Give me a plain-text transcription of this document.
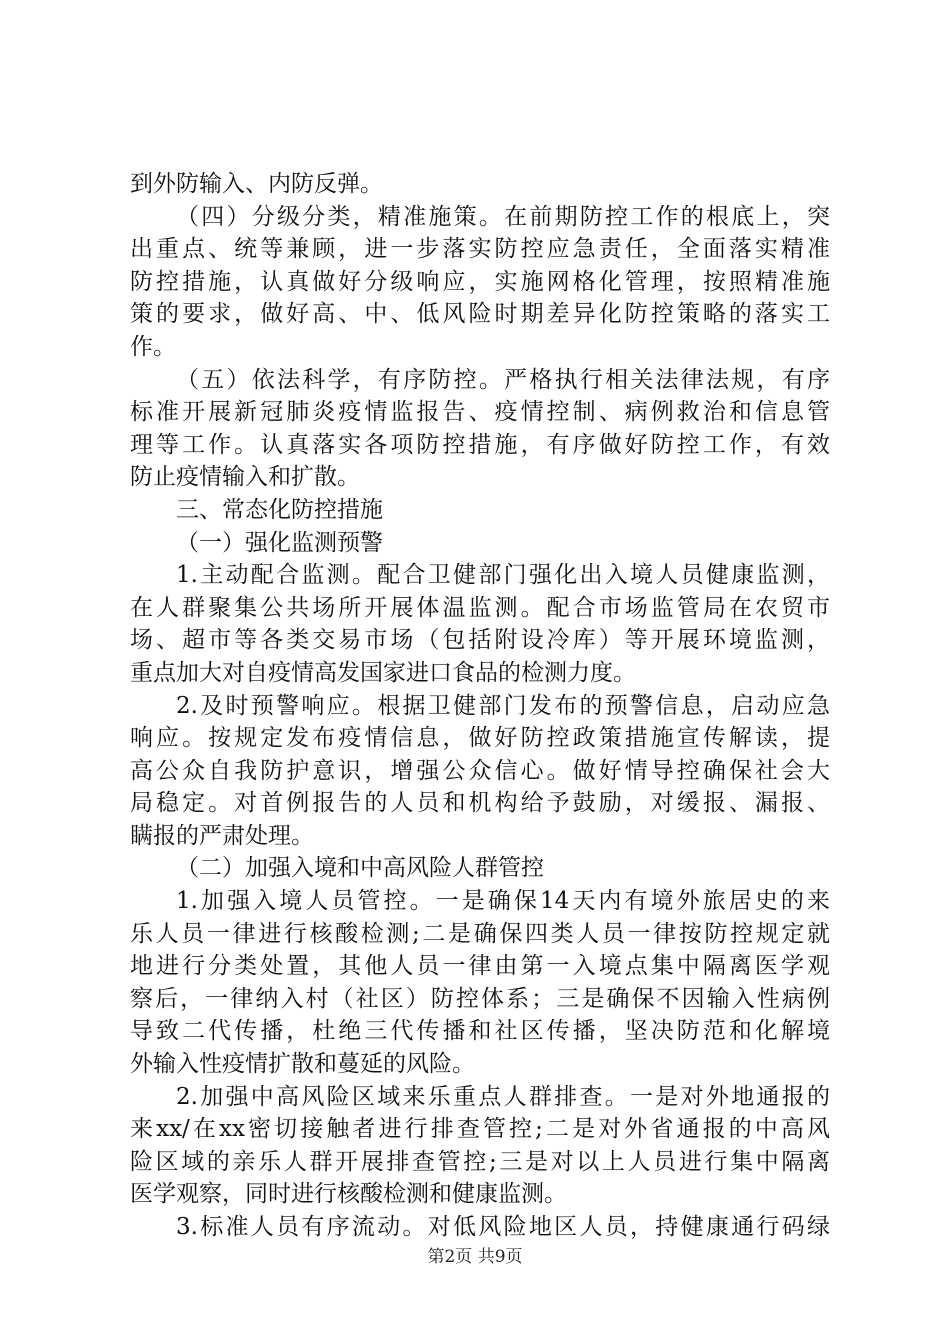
到外防输入、内防反弹。
（四）分级分类，精准施策。在前期防控工作的根底上，突
出重点、统等兼顾，进一步落实防控应急责任，全面落实精准
防控措施，认真做好分级响应，实施网格化管理，按照精准施
策的要求，做好高、中、低风险时期差异化防控策略的落实工
作。
（五）依法科学，有序防控。严格执行相关法律法规，有序
标准开展新冠肺炎疫情监报告、疫情控制、病例救治和信息管
理等工作。认真落实各项防控措施，有序做好防控工作，有效
防止疫情输入和扩散。
三、常态化防控措施
（一）强化监测预警
1.主动配合监测。配合卫健部门强化出入境人员健康监测，
在人群聚集公共场所开展体温监测。配合市场监管局在农贸市
场、超市等各类交易市场（包括附设冷库）等开展环境监测，
重点加大对自疫情高发国家进口食品的检测力度。
2.及时预警响应。根据卫健部门发布的预警信息，启动应急
响应。按规定发布疫情信息，做好防控政策措施宣传解读，提
高公众自我防护意识，增强公众信心。做好情导控确保社会大
局稳定。对首例报告的人员和机构给予鼓励，对缓报、漏报、
瞒报的严肃处理。
（二）加强入境和中高风险人群管控
1.加强入境人员管控。一是确保14天内有境外旅居史的来
乐人员一律进行核酸检测;二是确保四类人员一律按防控规定就
地进行分类处置，其他人员一律由第一入境点集中隔离医学观
察后，一律纳入村（社区）防控体系；三是确保不因输入性病例
导致二代传播，杜绝三代传播和社区传播，坚决防范和化解境
外输入性疫情扩散和蔓延的风险。
2.加强中高风险区域来乐重点人群排查。一是对外地通报的
来xx/在xx密切接触者进行排查管控;二是对外省通报的中高风
险区域的亲乐人群开展排查管控;三是对以上人员进行集中隔离
医学观察，同时进行核酸检测和健康监测。
3.标准人员有序流动。对低风险地区人员，持健康通行码绿
第2页 共9页
